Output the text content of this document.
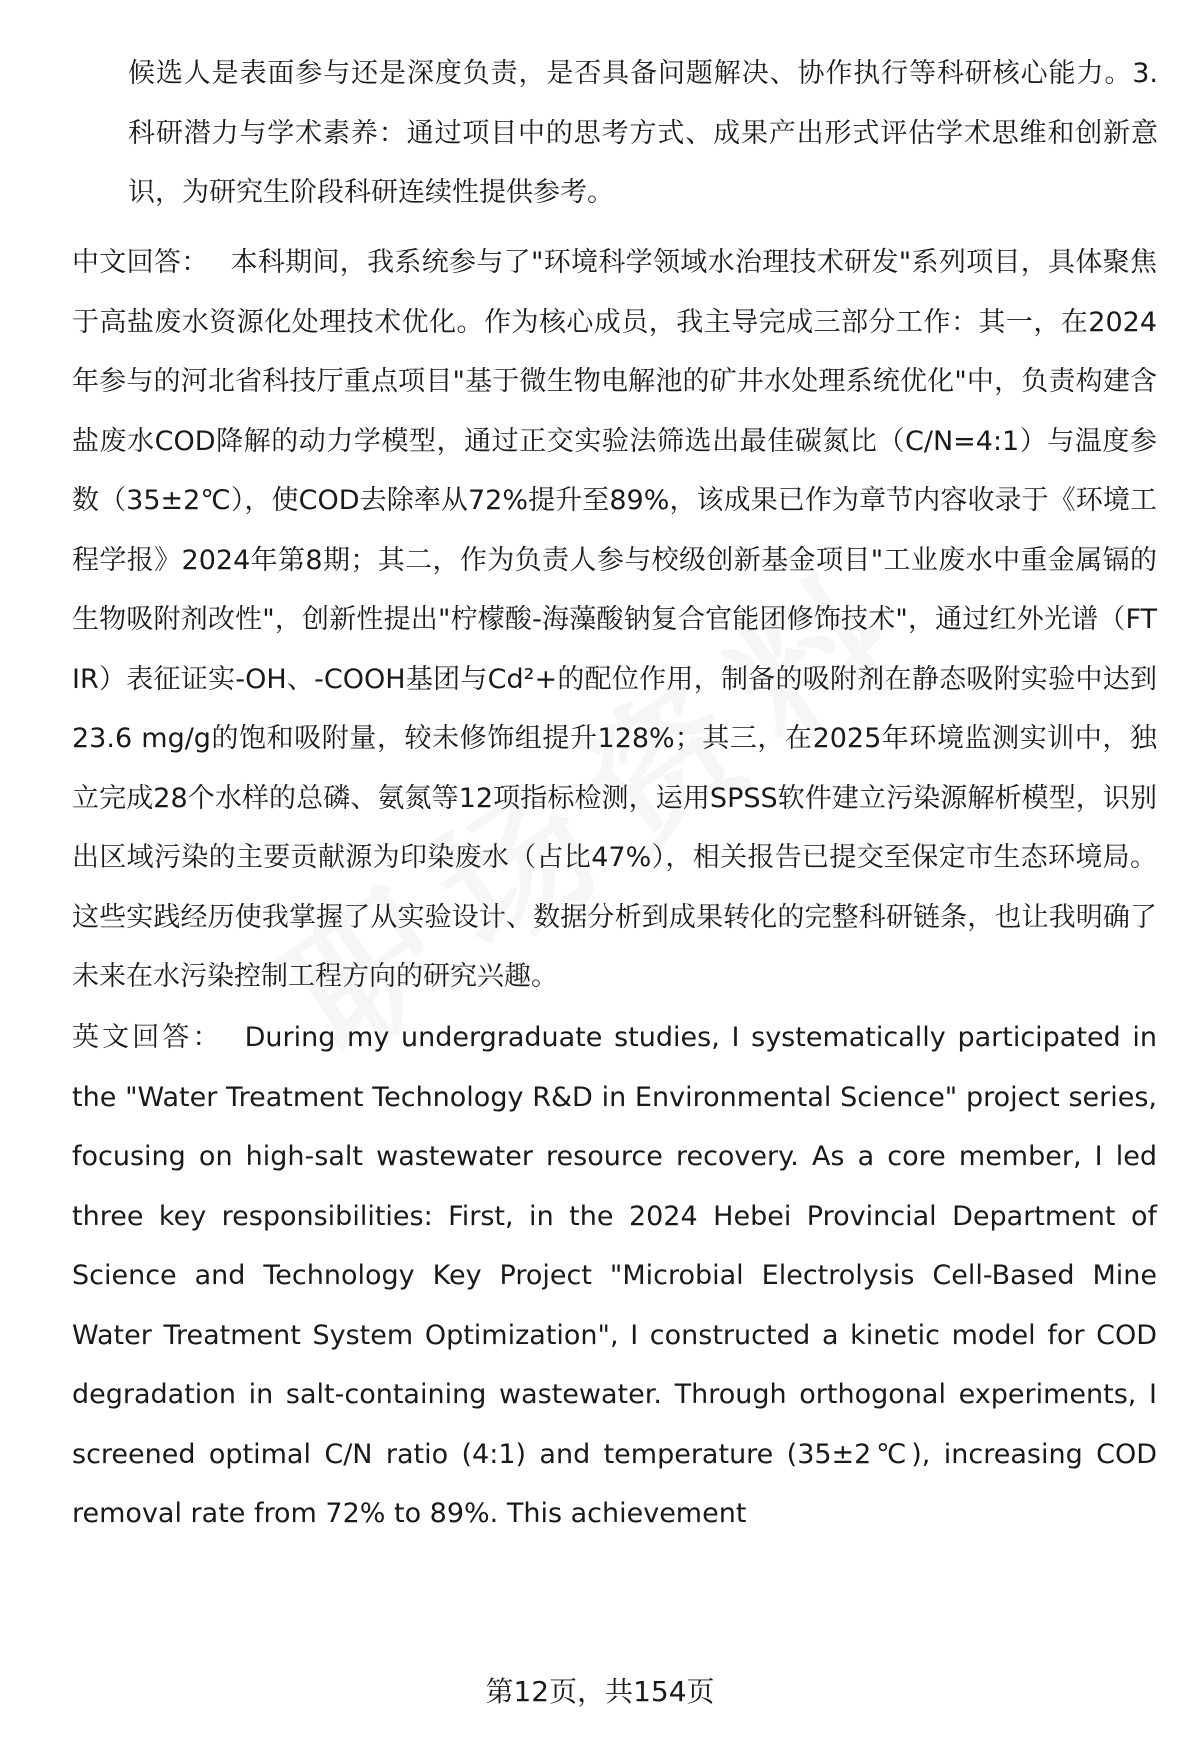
候选人是表面参与还是深度负责，是否具备问题解决、协作执行等科研核心能力。3. 科研潜力与学术素养：通过项目中的思考方式、成果产出形式评估学术思维和创新意识，为研究生阶段科研连续性提供参考。

中文回答： 本科期间，我系统参与了"环境科学领域水治理技术研发"系列项目，具体聚焦于高盐废水资源化处理技术优化。作为核心成员，我主导完成三部分工作：其一，在2024年参与的河北省科技厅重点项目"基于微生物电解池的矿井水处理系统优化"中，负责构建含盐废水COD降解的动力学模型，通过正交实验法筛选出最佳碳氮比（C/N=4:1）与温度参数（35±2℃），使COD去除率从72%提升至89%，该成果已作为章节内容收录于《环境工程学报》2024年第8期；其二，作为负责人参与校级创新基金项目"工业废水中重金属镉的生物吸附剂改性"，创新性提出"柠檬酸-海藻酸钠复合官能团修饰技术"，通过红外光谱（FTIR）表征证实-OH、-COOH基团与Cd²+的配位作用，制备的吸附剂在静态吸附实验中达到23.6 mg/g的饱和吸附量，较未修饰组提升128%；其三，在2025年环境监测实训中，独立完成28个水样的总磷、氨氮等12项指标检测，运用SPSS软件建立污染源解析模型，识别出区域污染的主要贡献源为印染废水（占比47%），相关报告已提交至保定市生态环境局。这些实践经历使我掌握了从实验设计、数据分析到成果转化的完整科研链条，也让我明确了未来在水污染控制工程方向的研究兴趣。

英文回答： During my undergraduate studies, I systematically participated in the "Water Treatment Technology R&D in Environmental Science" project series, focusing on high-salt wastewater resource recovery. As a core member, I led three key responsibilities: First, in the 2024 Hebei Provincial Department of Science and Technology Key Project "Microbial Electrolysis Cell-Based Mine Water Treatment System Optimization", I constructed a kinetic model for COD degradation in salt-containing wastewater. Through orthogonal experiments, I screened optimal C/N ratio (4:1) and temperature (35±2℃), increasing COD removal rate from 72% to 89%. This achievement

第12页，共154页
